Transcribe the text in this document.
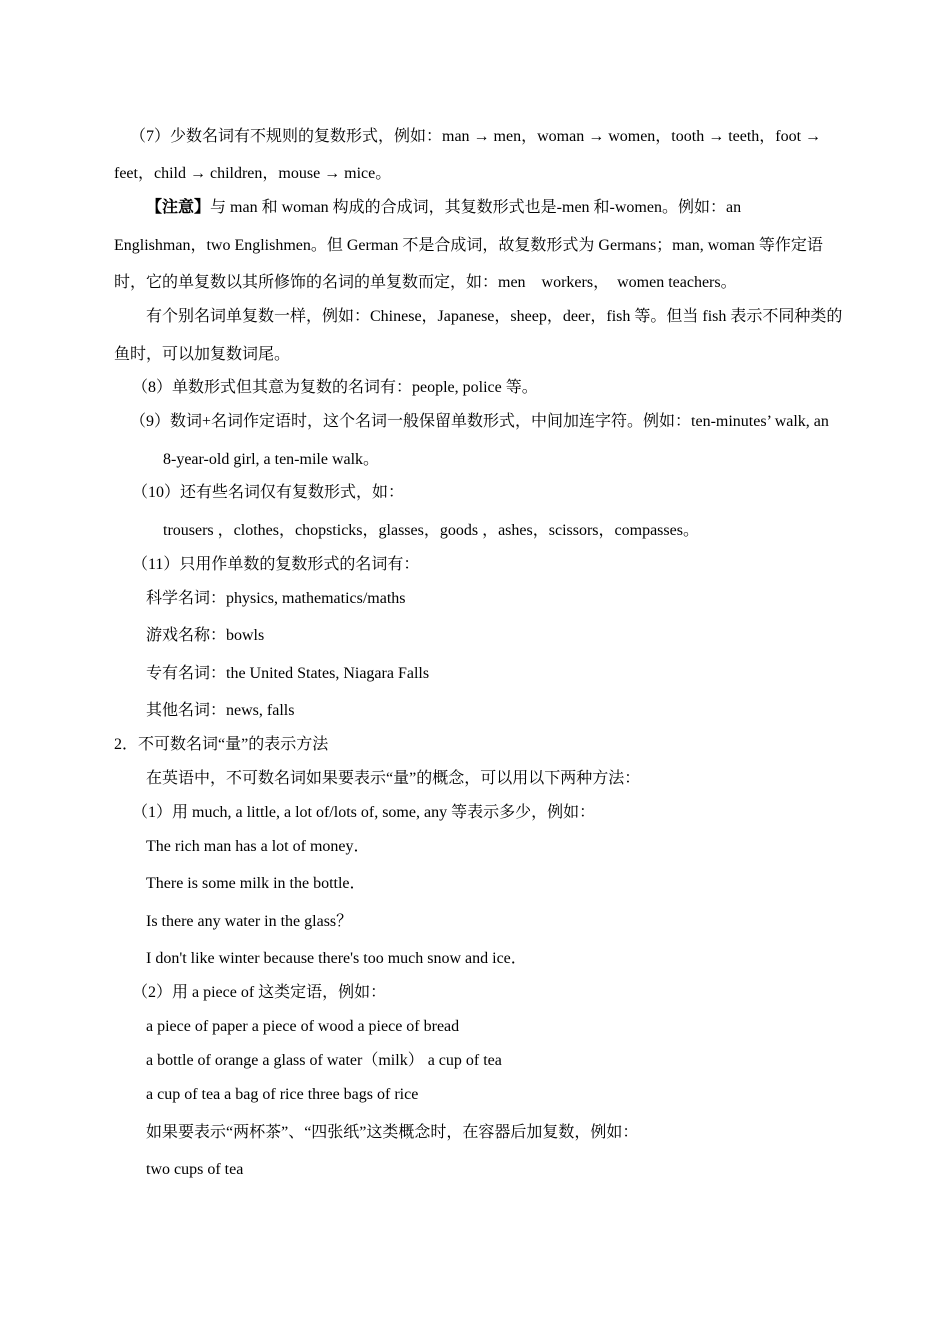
（7）少数名词有不规则的复数形式，例如：man → men，woman → women，tooth → teeth，foot →
feet，child → children，mouse → mice。
【注意】与 man 和 woman 构成的合成词，其复数形式也是-men 和-women。例如：an
Englishman，two Englishmen。但 German 不是合成词，故复数形式为 Germans；man, woman 等作定语
时，它的单复数以其所修饰的名词的单复数而定，如：men　workers，　women teachers。
有个别名词单复数一样，例如：Chinese，Japanese，sheep，deer，fish 等。但当 fish 表示不同种类的
鱼时，可以加复数词尾。
（8）单数形式但其意为复数的名词有：people, police 等。
（9）数词+名词作定语时，这个名词一般保留单数形式，中间加连字符。例如：ten-minutes’ walk, an
8-year-old girl, a ten-mile walk。
（10）还有些名词仅有复数形式，如：
trousers ，clothes，chopsticks，glasses，goods ，ashes，scissors，compasses。
（11）只用作单数的复数形式的名词有：
科学名词：physics, mathematics/maths
游戏名称：bowls
专有名词：the United States, Niagara Falls
其他名词：news, falls
2．不可数名词“量”的表示方法
在英语中，不可数名词如果要表示“量”的概念，可以用以下两种方法：
（1）用 much, a little, a lot of/lots of, some, any 等表示多少，例如：
The rich man has a lot of money．
There is some milk in the bottle．
Is there any water in the glass？
I don't like winter because there's too much snow and ice．
（2）用 a piece of 这类定语，例如：
a piece of paper a piece of wood a piece of bread
a bottle of orange a glass of water（milk） a cup of tea
a cup of tea a bag of rice three bags of rice
如果要表示“两杯茶”、“四张纸”这类概念时，在容器后加复数，例如：
two cups of tea
